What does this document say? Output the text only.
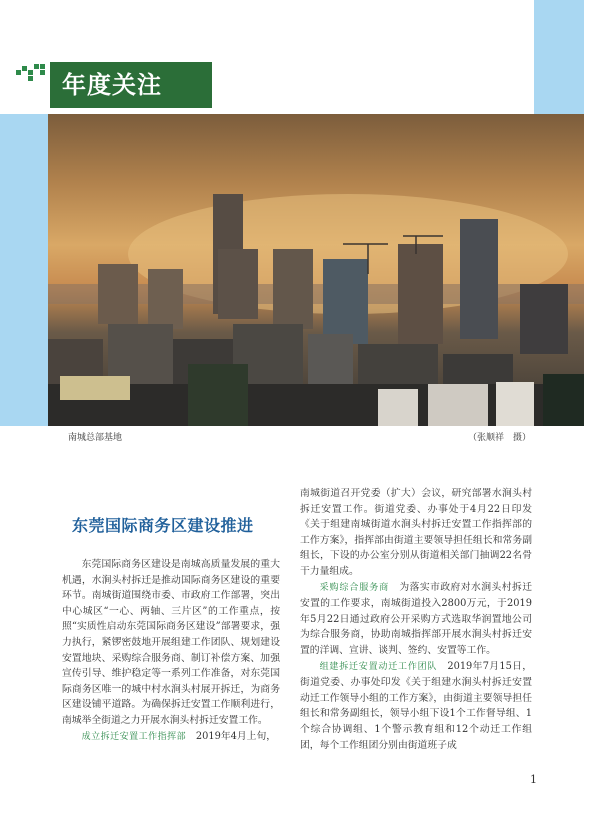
年度关注
南城总部基地	（张顺祥　摄）
东莞国际商务区建设推进

东莞国际商务区建设是南城高质量发展的重大机遇，水涧头村拆迁是推动国际商务区建设的重要环节。南城街道围绕市委、市政府工作部署，突出中心城区“一心、两轴、三片区”的工作重点，按照“实质性启动东莞国际商务区建设”部署要求，强力执行，紧锣密鼓地开展组建工作团队、规划建设安置地块、采购综合服务商、制订补偿方案、加强宣传引导、维护稳定等一系列工作准备，对东莞国际商务区唯一的城中村水涧头村展开拆迁，为商务区建设铺平道路。为确保拆迁安置工作顺利进行，南城举全街道之力开展水涧头村拆迁安置工作。

成立拆迁安置工作指挥部　 2019年4月上旬，

南城街道召开党委（扩大）会议，研究部署水涧头村拆迁安置工作。街道党委、办事处于4月22日印发《关于组建南城街道水涧头村拆迁安置工作指挥部的工作方案》，指挥部由街道主要领导担任组长和常务副组长，下设的办公室分别从街道相关部门抽调22名骨干力量组成。

采购综合服务商　 为落实市政府对水涧头村拆迁安置的工作要求，南城街道投入2800万元，于2019年5月22日通过政府公开采购方式选取华润置地公司为综合服务商，协助南城指挥部开展水涧头村拆迁安置的洋调、宣讲、谈判、签约、安置等工作。

组建拆迁安置动迁工作团队　 2019年7月15日，街道党委、办事处印发《关于组建水涧头村拆迁安置动迁工作领导小组的工作方案》，由街道主要领导担任组长和常务副组长，领导小组下设1个工作督导组、1个综合协调组、1个警示教育组和12个动迁工作组团，每个工作组团分别由街道班子成

1
